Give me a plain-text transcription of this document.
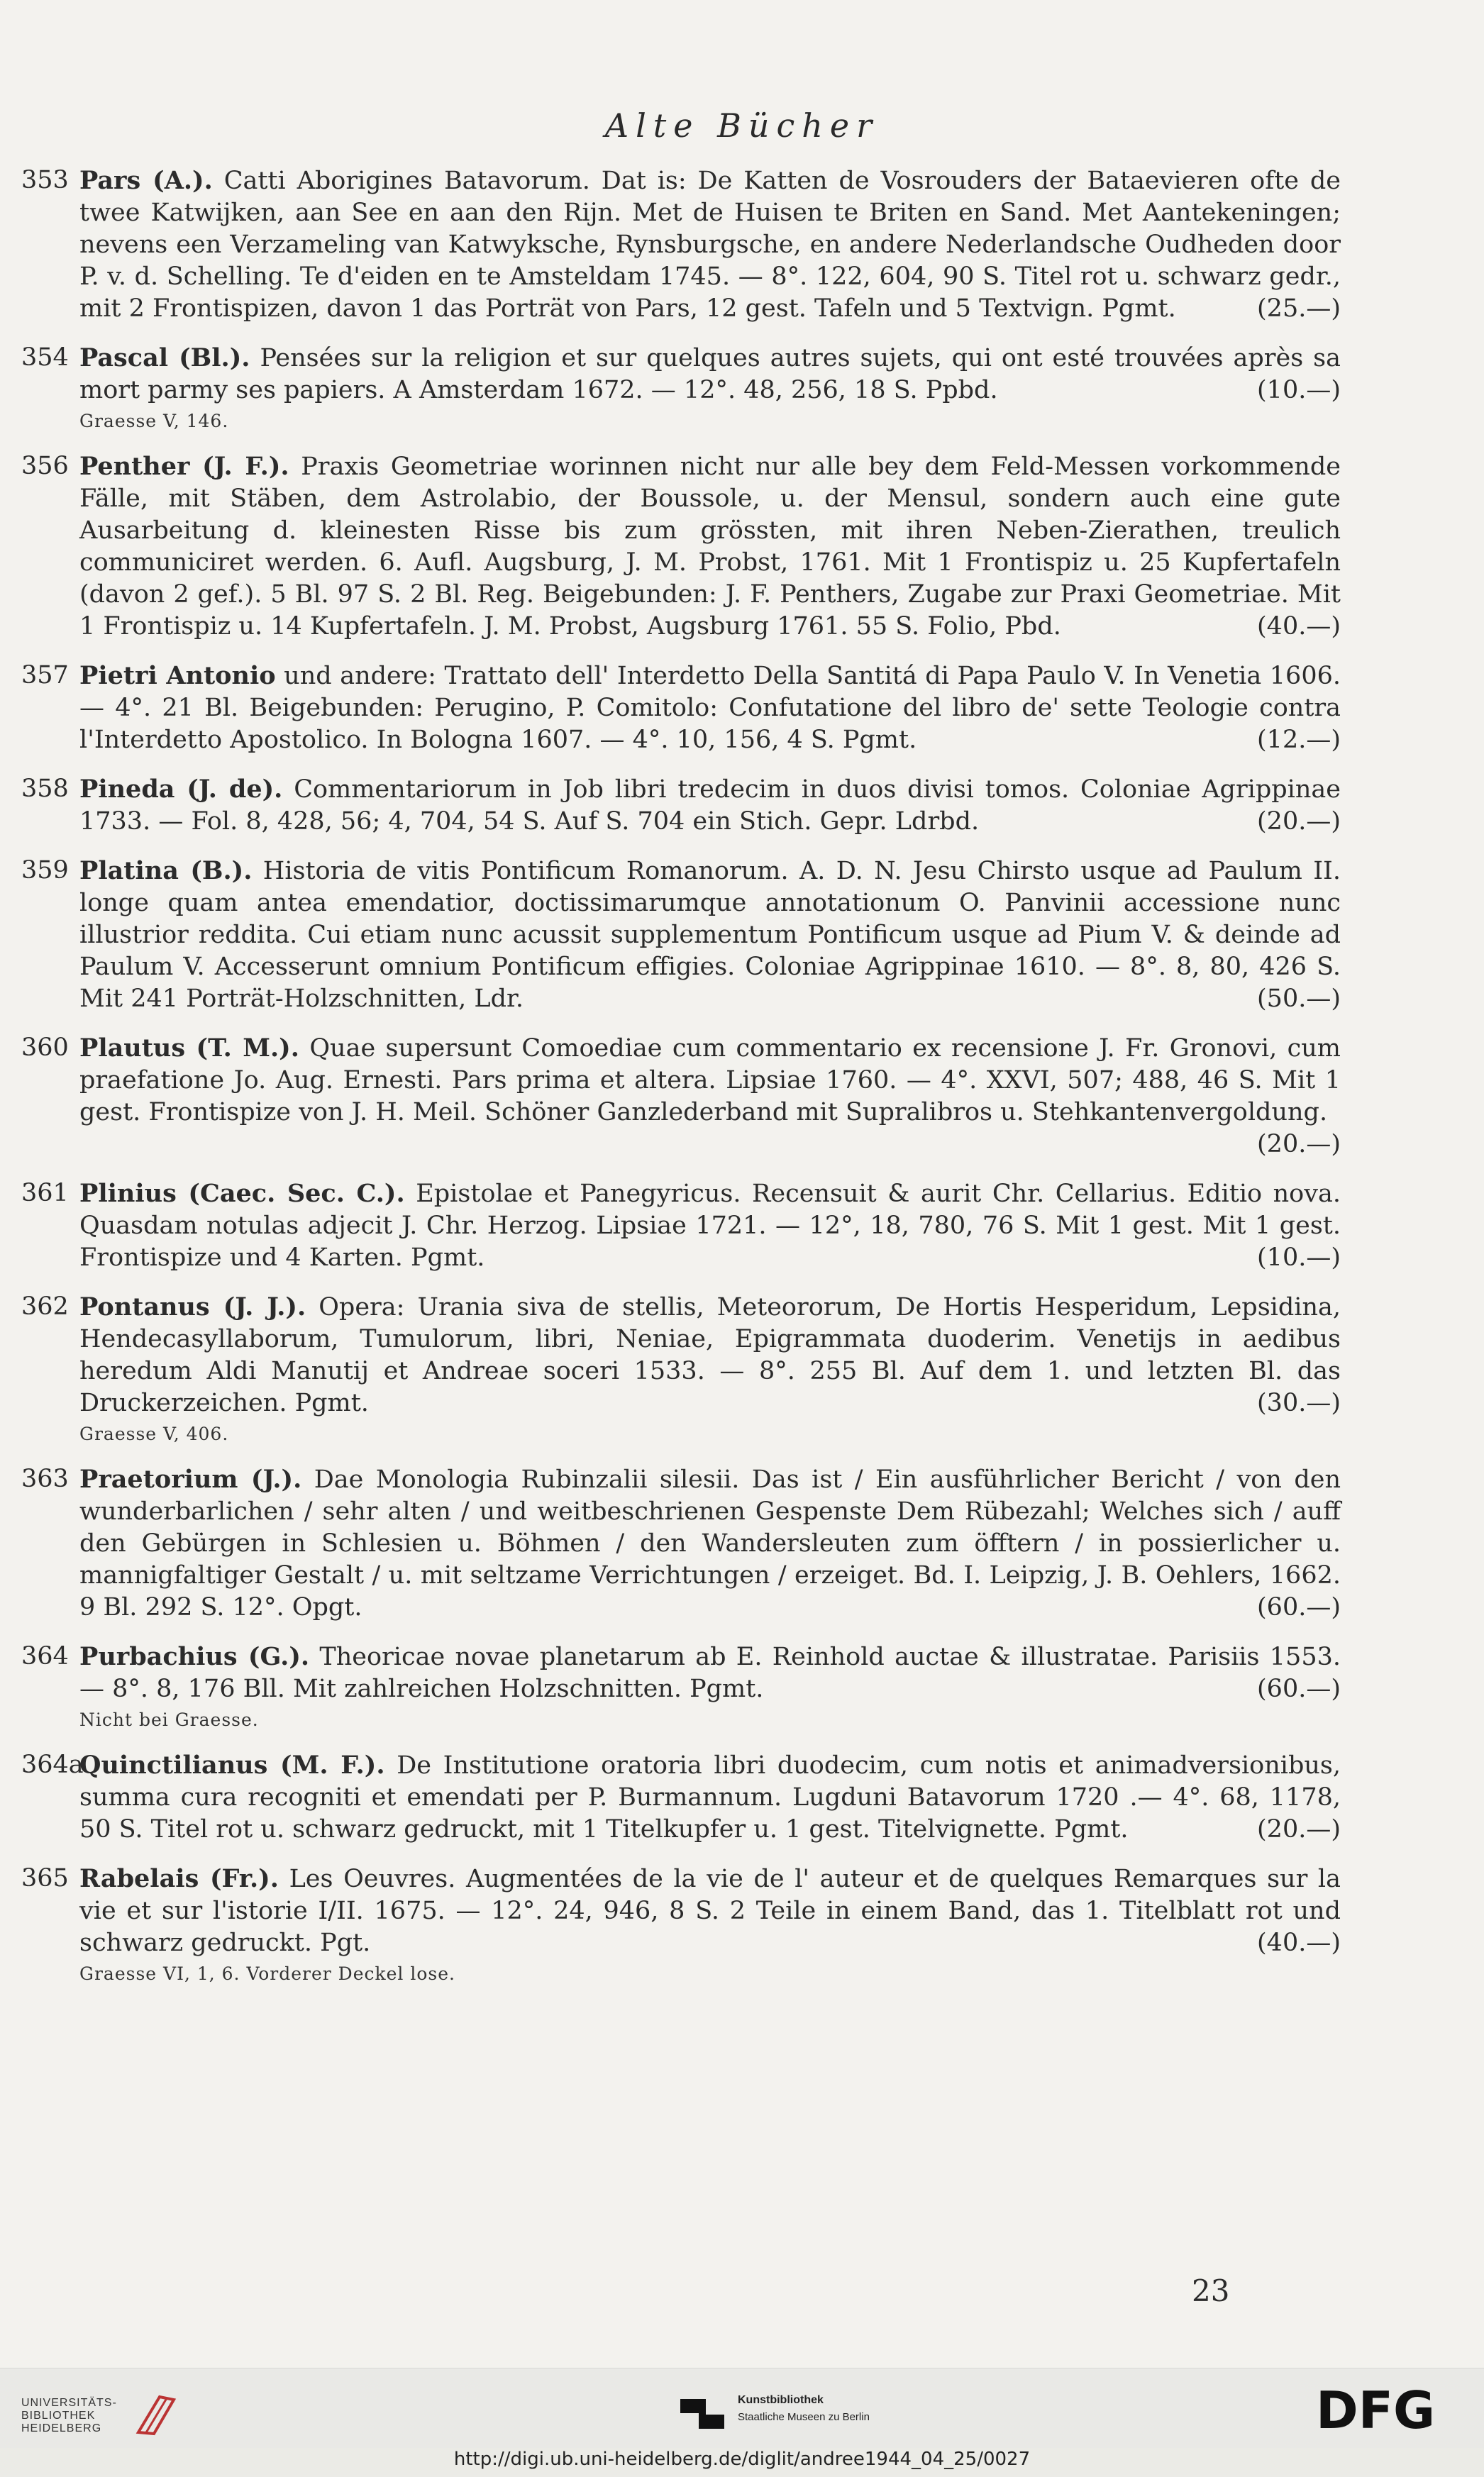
Alte Bücher
353 Pars (A.). Catti Aborigines Batavorum. Dat is: De Katten de Vosrouders der Bataevieren ofte de twee Katwijken, aan See en aan den Rijn. Met de Huisen te Briten en Sand. Met Aantekeningen; nevens een Verzameling van Katwyksche, Rynsburgsche, en andere Nederlandsche Oudheden door P. v. d. Schelling. Te d'eiden en te Amsteldam 1745. — 8°. 122, 604, 90 S. Titel rot u. schwarz gedr., mit 2 Frontispizen, davon 1 das Porträt von Pars, 12 gest. Tafeln und 5 Textvign. Pgmt.	(25.—)
354 Pascal (Bl.). Pensées sur la religion et sur quelques autres sujets, qui ont esté trouvées après sa mort parmy ses papiers. A Amsterdam 1672. — 12°. 48, 256, 18 S. Ppbd.	(10.—)
Graesse V, 146.
356 Penther (J. F.). Praxis Geometriae worinnen nicht nur alle bey dem Feld-Messen vorkommende Fälle, mit Stäben, dem Astrolabio, der Boussole, u. der Mensul, sondern auch eine gute Ausarbeitung d. kleinesten Risse bis zum grössten, mit ihren Neben-Zierathen, treulich communiciret werden. 6. Aufl. Augsburg, J. M. Probst, 1761. Mit 1 Frontispiz u. 25 Kupfertafeln (davon 2 gef.). 5 Bl. 97 S. 2 Bl. Reg. Beigebunden: J. F. Penthers, Zugabe zur Praxi Geometriae. Mit 1 Frontispiz u. 14 Kupfertafeln. J. M. Probst, Augsburg 1761. 55 S. Folio, Pbd.	(40.—)
357 Pietri Antonio und andere: Trattato dell' Interdetto Della Santitá di Papa Paulo V. In Venetia 1606. — 4°. 21 Bl. Beigebunden: Perugino, P. Comitolo: Confutatione del libro de' sette Teologie contra l'Interdetto Apostolico. In Bologna 1607. — 4°. 10, 156, 4 S. Pgmt.	(12.—)
358 Pineda (J. de). Commentariorum in Job libri tredecim in duos divisi tomos. Coloniae Agrippinae 1733. — Fol. 8, 428, 56; 4, 704, 54 S. Auf S. 704 ein Stich. Gepr. Ldrbd.	(20.—)
359 Platina (B.). Historia de vitis Pontificum Romanorum. A. D. N. Jesu Chirsto usque ad Paulum II. longe quam antea emendatior, doctissimarumque annotationum O. Panvinii accessione nunc illustrior reddita. Cui etiam nunc acussit supplementum Pontificum usque ad Pium V. & deinde ad Paulum V. Accesserunt omnium Pontificum effigies. Coloniae Agrippinae 1610. — 8°. 8, 80, 426 S. Mit 241 Porträt-Holzschnitten, Ldr.	(50.—)
360 Plautus (T. M.). Quae supersunt Comoediae cum commentario ex recensione J. Fr. Gronovi, cum praefatione Jo. Aug. Ernesti. Pars prima et altera. Lipsiae 1760. — 4°. XXVI, 507; 488, 46 S. Mit 1 gest. Frontispize von J. H. Meil. Schöner Ganzlederband mit Supralibros u. Stehkantenvergoldung.
(20.—)
361 Plinius (Caec. Sec. C.). Epistolae et Panegyricus. Recensuit & aurit Chr. Cellarius. Editio nova. Quasdam notulas adjecit J. Chr. Herzog. Lipsiae 1721. — 12°, 18, 780, 76 S. Mit 1 gest. Mit 1 gest. Frontispize und 4 Karten. Pgmt.	(10.—)
362 Pontanus (J. J.). Opera: Urania siva de stellis, Meteororum, De Hortis Hesperidum, Lepsidina, Hendecasyllaborum, Tumulorum, libri, Neniae, Epigrammata duoderim. Venetijs in aedibus heredum Aldi Manutij et Andreae soceri 1533. — 8°. 255 Bl. Auf dem 1. und letzten Bl. das Druckerzeichen. Pgmt.	(30.—)
Graesse V, 406.
363 Praetorium (J.). Dae Monologia Rubinzalii silesii. Das ist / Ein ausführlicher Bericht / von den wunderbarlichen / sehr alten / und weitbeschrienen Gespenste Dem Rübezahl; Welches sich / auff den Gebürgen in Schlesien u. Böhmen / den Wandersleuten zum öfftern / in possierlicher u. mannigfaltiger Gestalt / u. mit seltzame Verrichtungen / erzeiget. Bd. I. Leipzig, J. B. Oehlers, 1662. 9 Bl. 292 S. 12°. Opgt.	(60.—)
364 Purbachius (G.). Theoricae novae planetarum ab E. Reinhold auctae & illustratae. Parisiis 1553. — 8°. 8, 176 Bll. Mit zahlreichen Holzschnitten. Pgmt.	(60.—)
Nicht bei Graesse.
364a
Quinctilianus (M. F.). De Institutione oratoria libri duodecim, cum notis et animadversionibus, summa cura recogniti et emendati per P. Burmannum. Lugduni Batavorum 1720 .— 4°. 68, 1178, 50 S. Titel rot u. schwarz gedruckt, mit 1 Titelkupfer u. 1 gest. Titelvignette. Pgmt.	(20.—)
365 Rabelais (Fr.). Les Oeuvres. Augmentées de la vie de l' auteur et de quelques Remarques sur la vie et sur l'istorie I/II. 1675. — 12°. 24, 946, 8 S. 2 Teile in einem Band, das 1. Titelblatt rot und schwarz gedruckt. Pgt.	(40.—)
Graesse VI, 1, 6. Vorderer Deckel lose.
23
UNIVERSITÄTS- BIBLIOTHEK HEIDELBERG
Kunstbibliothek
Staatliche Museen zu Berlin	DFG
http://digi.ub.uni-heidelberg.de/diglit/andree1944_04_25/0027
